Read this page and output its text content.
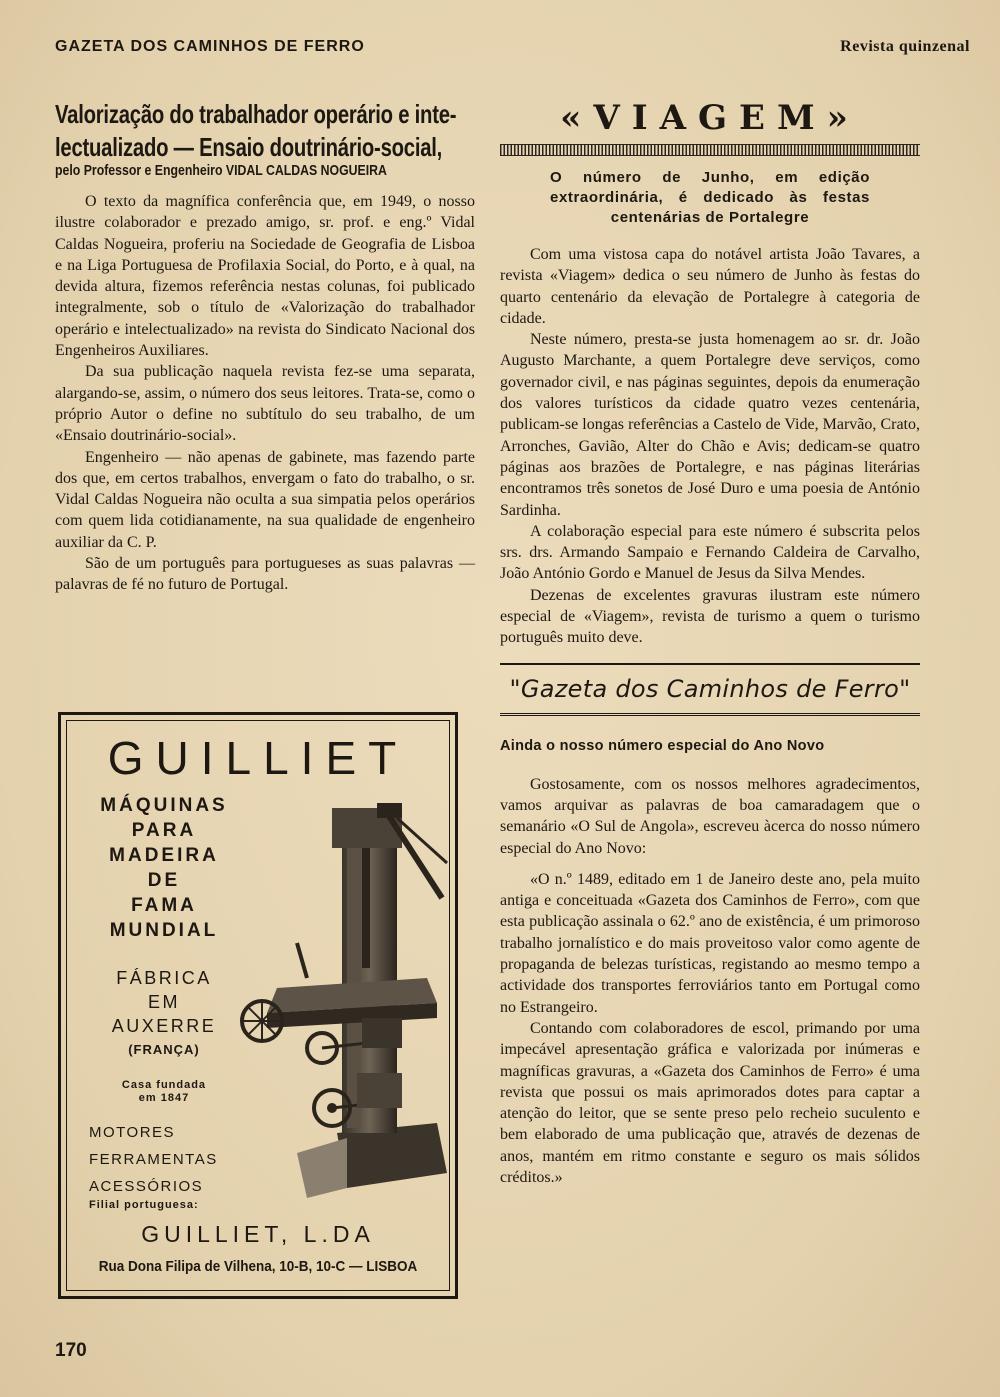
GAZETA DOS CAMINHOS DE FERRO	Revista quinzenal
Valorização do trabalhador operário e inte-
lectualizado — Ensaio doutrinário-social,
pelo Professor e Engenheiro VIDAL CALDAS NOGUEIRA

O texto da magnífica conferência que, em 1949, o nosso ilustre colaborador e prezado amigo, sr. prof. e eng.º Vidal Caldas Nogueira, proferiu na Sociedade de Geografia de Lisboa e na Liga Portuguesa de Profilaxia Social, do Porto, e à qual, na devida altura, fizemos referência nestas colunas, foi publicado integralmente, sob o título de «Valorização do trabalhador operário e intelectualizado» na revista do Sindicato Nacional dos Engenheiros Auxiliares.

Da sua publicação naquela revista fez-se uma separata, alargando-se, assim, o número dos seus leitores. Trata-se, como o próprio Autor o define no subtítulo do seu trabalho, de um «Ensaio doutrinário-social».

Engenheiro — não apenas de gabinete, mas fazendo parte dos que, em certos trabalhos, envergam o fato do trabalho, o sr. Vidal Caldas Nogueira não oculta a sua simpatia pelos operários com quem lida cotidianamente, na sua qualidade de engenheiro auxiliar da C. P.

São de um português para portugueses as suas palavras — palavras de fé no futuro de Portugal.

GUILLIET
MÁQUINAS
PARA
MADEIRA
DE
FAMA
MUNDIAL
FÁBRICA
EM
AUXERRE
(FRANÇA)
Casa fundada
em 1847
MOTORES
FERRAMENTAS
ACESSÓRIOS
Filial portuguesa:
GUILLIET, L.DA
Rua Dona Filipa de Vilhena, 10-B, 10-C — LISBOA
«VIAGEM»
O número de Junho, em edição extraordinária, é dedicado às festas centenárias de Portalegre

Com uma vistosa capa do notável artista João Tavares, a revista «Viagem» dedica o seu número de Junho às festas do quarto centenário da elevação de Portalegre à categoria de cidade.

Neste número, presta-se justa homenagem ao sr. dr. João Augusto Marchante, a quem Portalegre deve serviços, como governador civil, e nas páginas seguintes, depois da enumeração dos valores turísticos da cidade quatro vezes centenária, publicam-se longas referências a Castelo de Vide, Marvão, Crato, Arronches, Gavião, Alter do Chão e Avis; dedicam-se quatro páginas aos brazões de Portalegre, e nas páginas literárias encontramos três sonetos de José Duro e uma poesia de António Sardinha.

A colaboração especial para este número é subscrita pelos srs. drs. Armando Sampaio e Fernando Caldeira de Carvalho, João António Gordo e Manuel de Jesus da Silva Mendes.

Dezenas de excelentes gravuras ilustram este número especial de «Viagem», revista de turismo a quem o turismo português muito deve.

"Gazeta dos Caminhos de Ferro"
Ainda o nosso número especial do Ano Novo

Gostosamente, com os nossos melhores agradecimentos, vamos arquivar as palavras de boa camaradagem que o semanário «O Sul de Angola», escreveu àcerca do nosso número especial do Ano Novo:

«O n.º 1489, editado em 1 de Janeiro deste ano, pela muito antiga e conceituada «Gazeta dos Caminhos de Ferro», com que esta publicação assinala o 62.º ano de existência, é um primoroso trabalho jornalístico e do mais proveitoso valor como agente de propaganda de belezas turísticas, registando ao mesmo tempo a actividade dos transportes ferroviários tanto em Portugal como no Estrangeiro.

Contando com colaboradores de escol, primando por uma impecável apresentação gráfica e valorizada por inúmeras e magníficas gravuras, a «Gazeta dos Caminhos de Ferro» é uma revista que possui os mais aprimorados dotes para captar a atenção do leitor, que se sente preso pelo recheio suculento e bem elaborado de uma publicação que, através de dezenas de anos, mantém em ritmo constante e seguro os mais sólidos créditos.»

170
